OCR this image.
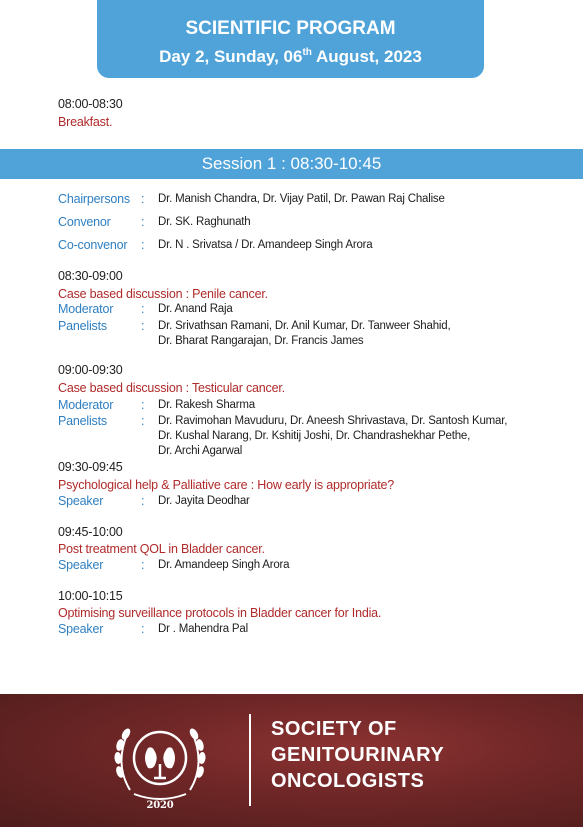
SCIENTIFIC PROGRAM
Day 2, Sunday, 06th August, 2023
08:00-08:30
Breakfast.
Session 1 : 08:30-10:45
Chairpersons : Dr. Manish Chandra, Dr. Vijay Patil, Dr. Pawan Raj Chalise
Convenor : Dr. SK. Raghunath
Co-convenor : Dr. N . Srivatsa / Dr. Amandeep Singh Arora
08:30-09:00
Case based discussion : Penile cancer.
Moderator : Dr. Anand Raja
Panelists	: Dr. Srivathsan Ramani, Dr. Anil Kumar, Dr. Tanweer Shahid,
Dr. Bharat Rangarajan, Dr. Francis James
09:00-09:30
Case based discussion : Testicular cancer.
Moderator : Dr. Rakesh Sharma
Panelists	: Dr. Ravimohan Mavuduru, Dr. Aneesh Shrivastava, Dr. Santosh Kumar,
Dr. Kushal Narang, Dr. Kshitij Joshi, Dr. Chandrashekhar Pethe,
Dr. Archi Agarwal
09:30-09:45
Psychological help & Palliative care : How early is appropriate?
Speaker	: Dr. Jayita Deodhar
09:45-10:00
Post treatment QOL in Bladder cancer.
Speaker	: Dr. Amandeep Singh Arora
10:00-10:15
Optimising surveillance protocols in Bladder cancer for India.
Speaker	: Dr . Mahendra Pal
2020
SOCIETY OF
GENITOURINARY
ONCOLOGISTS
